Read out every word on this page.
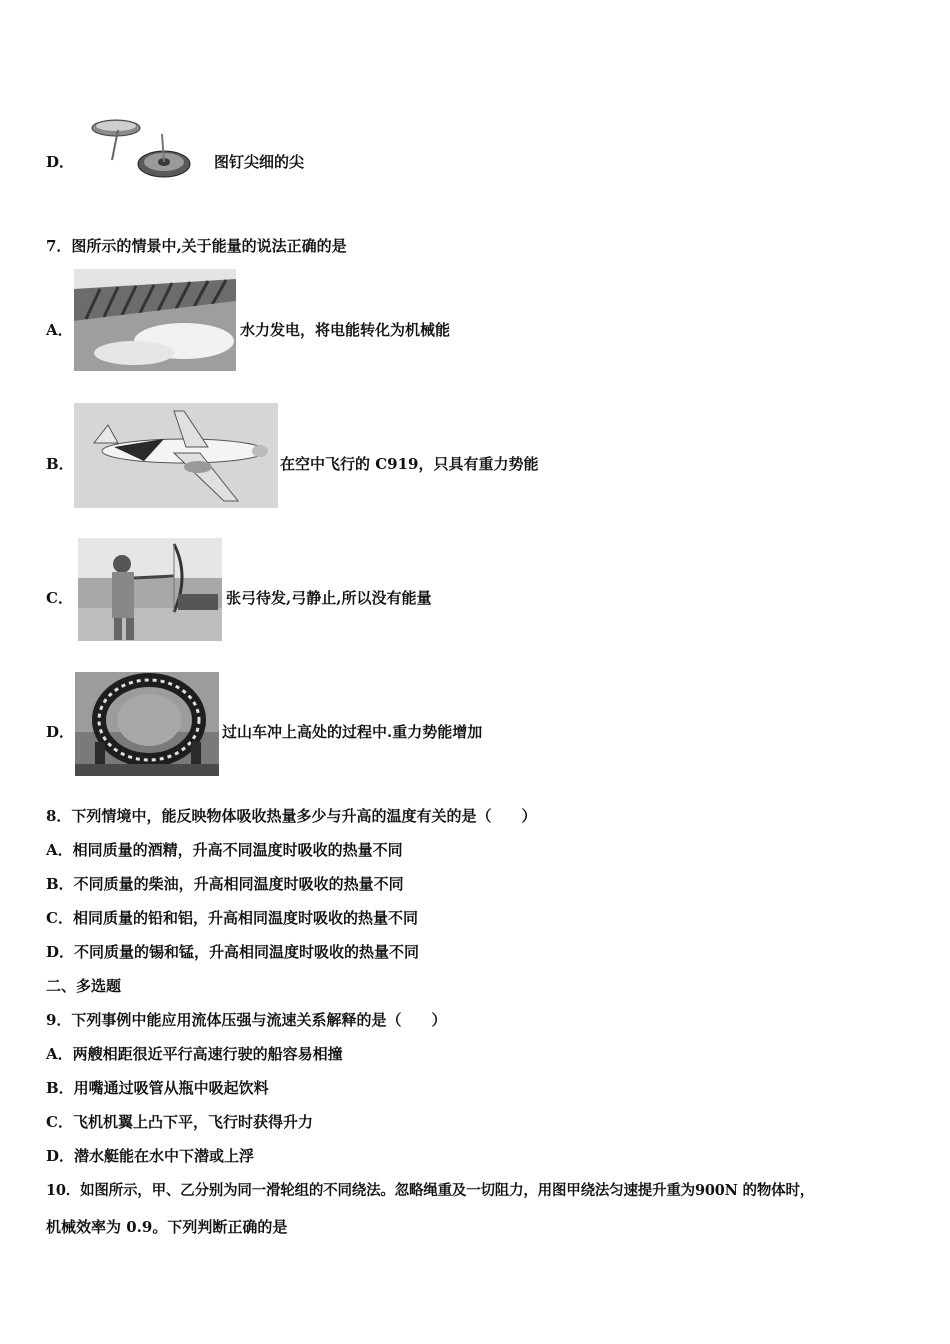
D．	图钉尖细的尖
7．图所示的情景中,关于能量的说法正确的是
A．	水力发电，将电能转化为机械能
B．	在空中飞行的 C919，只具有重力势能
C．	张弓待发,弓静止,所以没有能量
D．	过山车冲上高处的过程中.重力势能增加
8．下列情境中，能反映物体吸收热量多少与升高的温度有关的是（　　）
A．相同质量的酒精，升高不同温度时吸收的热量不同
B．不同质量的柴油，升高相同温度时吸收的热量不同
C．相同质量的铅和铝，升高相同温度时吸收的热量不同
D．不同质量的锡和锰，升高相同温度时吸收的热量不同
二、多选题
9．下列事例中能应用流体压强与流速关系解释的是（　　）
A．两艘相距很近平行高速行驶的船容易相撞
B．用嘴通过吸管从瓶中吸起饮料
C．飞机机翼上凸下平，飞行时获得升力
D．潜水艇能在水中下潜或上浮
10．如图所示，甲、乙分别为同一滑轮组的不同绕法。忽略绳重及一切阻力，用图甲绕法匀速提升重为900N 的物体时，
机械效率为 0.9。下列判断正确的是
